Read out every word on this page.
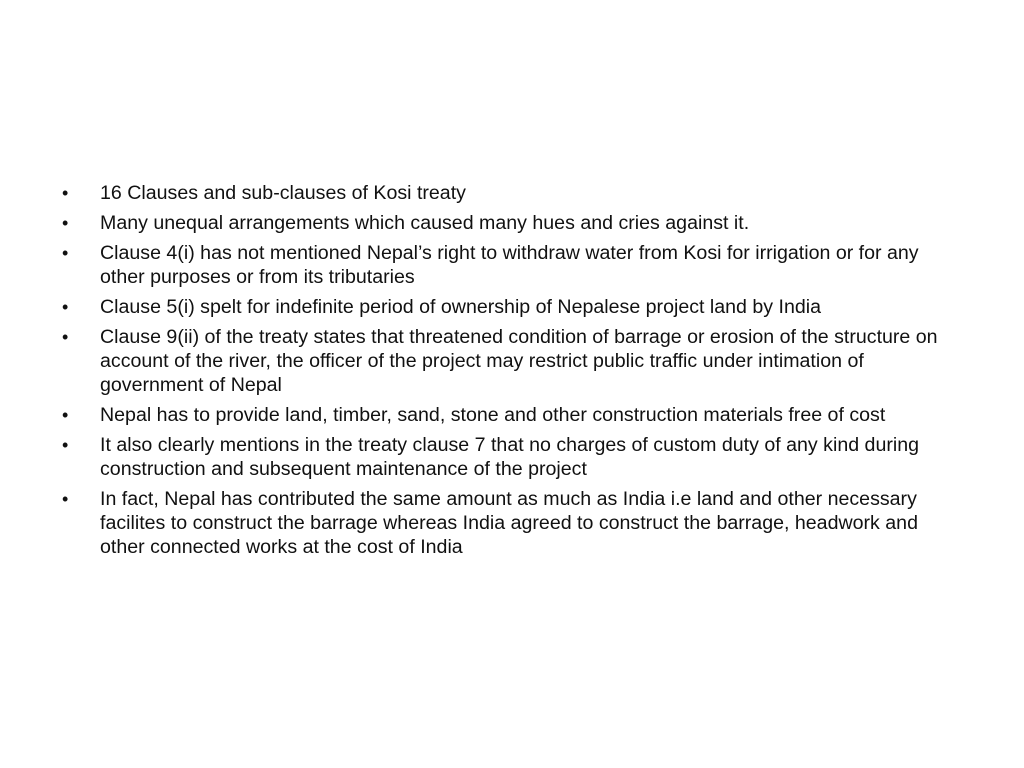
•	16 Clauses and sub-clauses of Kosi treaty
•	Many unequal arrangements which caused many hues and cries against it.
•	Clause 4(i) has not mentioned Nepal’s right to withdraw water from Kosi for irrigation or for any other purposes or from its tributaries
•	Clause 5(i) spelt for indefinite period of ownership of Nepalese project land by India
•	Clause 9(ii) of the treaty states that threatened condition of barrage or erosion of the structure on account of the river, the officer of the project may restrict public traffic under intimation of government of Nepal
•	Nepal has to provide land, timber, sand, stone and other construction materials free of cost
•	It also clearly mentions in the treaty clause 7 that no charges of custom duty of any kind during construction and subsequent maintenance of the project
•	In fact, Nepal has contributed the same amount as much as India i.e land and other necessary facilites to construct the barrage whereas India agreed to construct the barrage, headwork and other connected works at the cost of India
